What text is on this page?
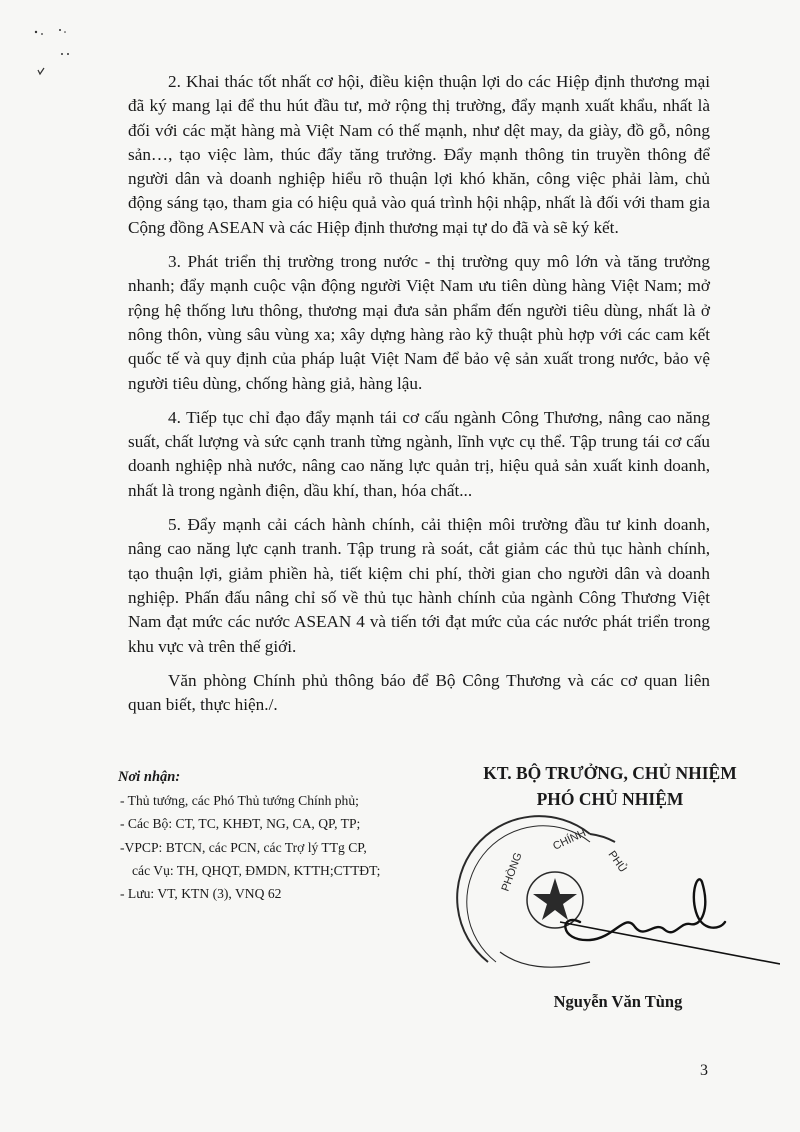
2. Khai thác tốt nhất cơ hội, điều kiện thuận lợi do các Hiệp định thương mại đã ký mang lại để thu hút đầu tư, mở rộng thị trường, đẩy mạnh xuất khẩu, nhất là đối với các mặt hàng mà Việt Nam có thế mạnh, như dệt may, da giày, đồ gỗ, nông sản…, tạo việc làm, thúc đẩy tăng trưởng. Đẩy mạnh thông tin truyền thông để người dân và doanh nghiệp hiểu rõ thuận lợi khó khăn, công việc phải làm, chủ động sáng tạo, tham gia có hiệu quả vào quá trình hội nhập, nhất là đối với tham gia Cộng đồng ASEAN và các Hiệp định thương mại tự do đã và sẽ ký kết.

3. Phát triển thị trường trong nước - thị trường quy mô lớn và tăng trưởng nhanh; đẩy mạnh cuộc vận động người Việt Nam ưu tiên dùng hàng Việt Nam; mở rộng hệ thống lưu thông, thương mại đưa sản phẩm đến người tiêu dùng, nhất là ở nông thôn, vùng sâu vùng xa; xây dựng hàng rào kỹ thuật phù hợp với các cam kết quốc tế và quy định của pháp luật Việt Nam để bảo vệ sản xuất trong nước, bảo vệ người tiêu dùng, chống hàng giả, hàng lậu.

4. Tiếp tục chỉ đạo đẩy mạnh tái cơ cấu ngành Công Thương, nâng cao năng suất, chất lượng và sức cạnh tranh từng ngành, lĩnh vực cụ thể. Tập trung tái cơ cấu doanh nghiệp nhà nước, nâng cao năng lực quản trị, hiệu quả sản xuất kinh doanh, nhất là trong ngành điện, dầu khí, than, hóa chất...

5. Đẩy mạnh cải cách hành chính, cải thiện môi trường đầu tư kinh doanh, nâng cao năng lực cạnh tranh. Tập trung rà soát, cắt giảm các thủ tục hành chính, tạo thuận lợi, giảm phiền hà, tiết kiệm chi phí, thời gian cho người dân và doanh nghiệp. Phấn đấu nâng chỉ số về thủ tục hành chính của ngành Công Thương Việt Nam đạt mức các nước ASEAN 4 và tiến tới đạt mức của các nước phát triển trong khu vực và trên thế giới.

Văn phòng Chính phủ thông báo để Bộ Công Thương và các cơ quan liên quan biết, thực hiện./.

Nơi nhận:
- Thủ tướng, các Phó Thủ tướng Chính phủ;
- Các Bộ: CT, TC, KHĐT, NG, CA, QP, TP;
-VPCP: BTCN, các PCN, các Trợ lý TTg CP,
các Vụ: TH, QHQT, ĐMDN, KTTH;CTTĐT;
- Lưu: VT, KTN (3), VNQ 62

KT. BỘ TRƯỞNG, CHỦ NHIỆM

PHÓ CHỦ NHIỆM

PHÒNG
CHÍNH
PHỦ

Nguyễn Văn Tùng

3
